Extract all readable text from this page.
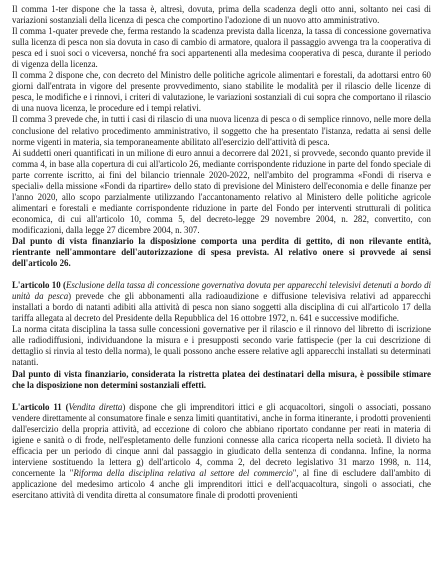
Il comma 1-ter dispone che la tassa è, altresì, dovuta, prima della scadenza degli otto anni, soltanto nei casi di variazioni sostanziali della licenza di pesca che comportino l'adozione di un nuovo atto amministrativo.

Il comma 1-quater prevede che, ferma restando la scadenza prevista dalla licenza, la tassa di concessione governativa sulla licenza di pesca non sia dovuta in caso di cambio di armatore, qualora il passaggio avvenga tra la cooperativa di pesca ed i suoi soci o viceversa, nonché fra soci appartenenti alla medesima cooperativa di pesca, durante il periodo di vigenza della licenza.

Il comma 2 dispone che, con decreto del Ministro delle politiche agricole alimentari e forestali, da adottarsi entro 60 giorni dall'entrata in vigore del presente provvedimento, siano stabilite le modalità per il rilascio delle licenze di pesca, le modifiche e i rinnovi, i criteri di valutazione, le variazioni sostanziali di cui sopra che comportano il rilascio di una nuova licenza, le procedure ed i tempi relativi.

Il comma 3 prevede che, in tutti i casi di rilascio di una nuova licenza di pesca o di semplice rinnovo, nelle more della conclusione del relativo procedimento amministrativo, il soggetto che ha presentato l'istanza, redatta ai sensi delle norme vigenti in materia, sia temporaneamente abilitato all'esercizio dell'attività di pesca.

Ai suddetti oneri quantificati in un milione di euro annui a decorrere dal 2021, si provvede, secondo quanto previde il comma 4, in base alla copertura di cui all'articolo 26, mediante corrispondente riduzione in parte del fondo speciale di parte corrente iscritto, ai fini del bilancio triennale 2020-2022, nell'ambito del programma «Fondi di riserva e speciali» della missione «Fondi da ripartire» dello stato di previsione del Ministero dell'economia e delle finanze per l'anno 2020, allo scopo parzialmente utilizzando l'accantonamento relativo al Ministero delle politiche agricole alimentari e forestali e mediante corrispondente riduzione in parte del Fondo per interventi strutturali di politica economica, di cui all'articolo 10, comma 5, del decreto-legge 29 novembre 2004, n. 282, convertito, con modificazioni, dalla legge 27 dicembre 2004, n. 307.

Dal punto di vista finanziario la disposizione comporta una perdita di gettito, di non rilevante entità, rientrante nell'ammontare dell'autorizzazione di spesa prevista. Al relativo onere si provvede ai sensi dell'articolo 26.

L'articolo 10 (Esclusione della tassa di concessione governativa dovuta per apparecchi televisivi detenuti a bordo di unità da pesca) prevede che gli abbonamenti alla radioaudizione e diffusione televisiva relativi ad apparecchi installati a bordo di natanti adibiti alla attività di pesca non siano soggetti alla disciplina di cui all'articolo 17 della tariffa allegata al decreto del Presidente della Repubblica del 16 ottobre 1972, n. 641 e successive modifiche.

La norma citata disciplina la tassa sulle concessioni governative per il rilascio e il rinnovo del libretto di iscrizione alle radiodiffusioni, individuandone la misura e i presupposti secondo varie fattispecie (per la cui descrizione di dettaglio si rinvia al testo della norma), le quali possono anche essere relative agli apparecchi installati su determinati natanti.

Dal punto di vista finanziario, considerata la ristretta platea dei destinatari della misura, è possibile stimare che la disposizione non determini sostanziali effetti.

L'articolo 11 (Vendita diretta) dispone che gli imprenditori ittici e gli acquacoltori, singoli o associati, possano vendere direttamente al consumatore finale e senza limiti quantitativi, anche in forma itinerante, i prodotti provenienti dall'esercizio della propria attività, ad eccezione di coloro che abbiano riportato condanne per reati in materia di igiene e sanità o di frode, nell'espletamento delle funzioni connesse alla carica ricoperta nella società. Il divieto ha efficacia per un periodo di cinque anni dal passaggio in giudicato della sentenza di condanna. Infine, la norma interviene sostituendo la lettera g) dell'articolo 4, comma 2, del decreto legislativo 31 marzo 1998, n. 114, concernente la "Riforma della disciplina relativa al settore del commercio", al fine di escludere dall'ambito di applicazione del medesimo articolo 4 anche gli imprenditori ittici e dell'acquacoltura, singoli o associati, che esercitano attività di vendita diretta al consumatore finale di prodotti provenienti
